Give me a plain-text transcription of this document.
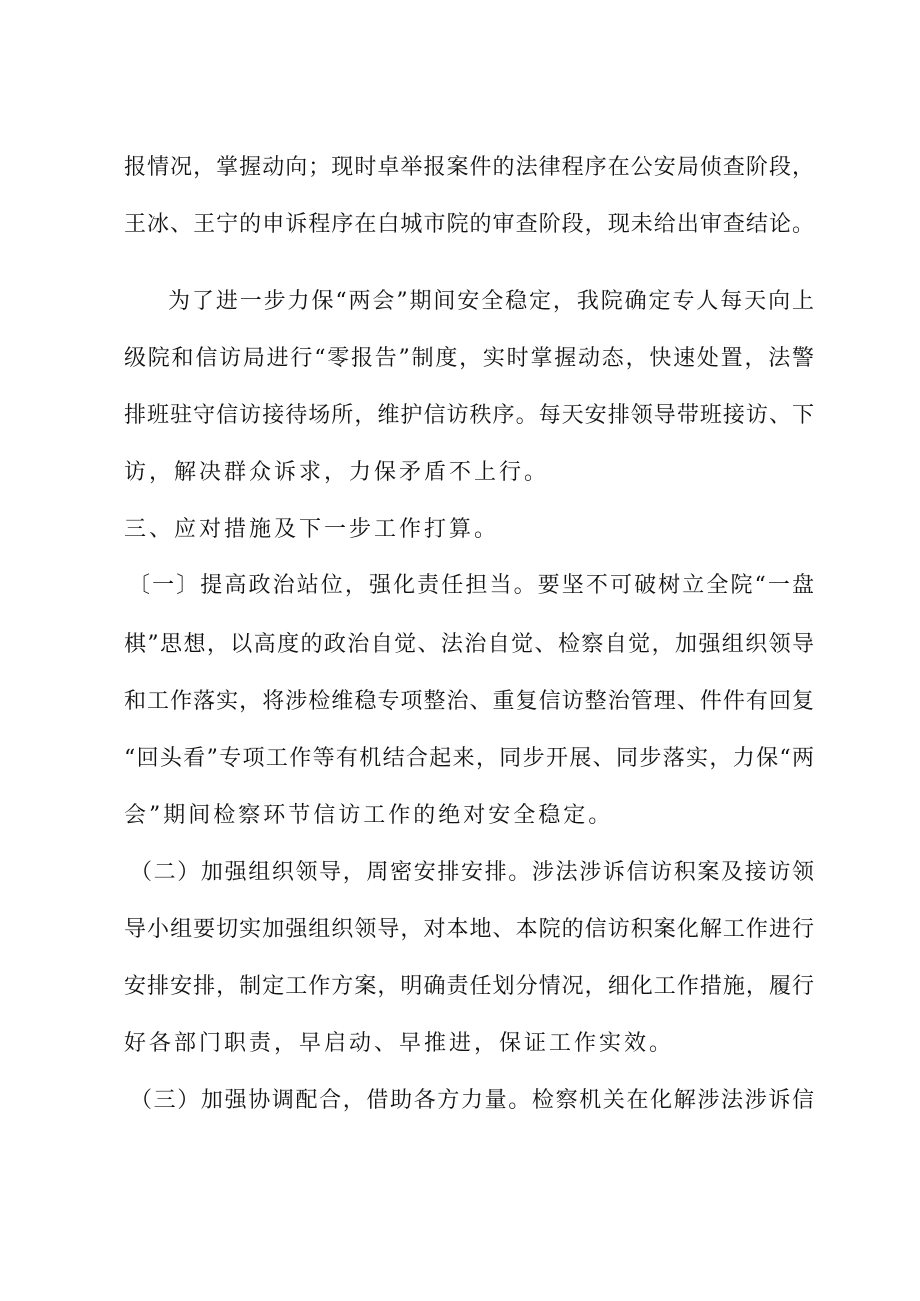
报情况，掌握动向；现时卓举报案件的法律程序在公安局侦查阶段，
王冰、王宁的申诉程序在白城市院的审查阶段，现未给出审查结论。
为了进一步力保“两会”期间安全稳定，我院确定专人每天向上
级院和信访局进行“零报告”制度，实时掌握动态，快速处置，法警
排班驻守信访接待场所，维护信访秩序。每天安排领导带班接访、下
访，解决群众诉求，力保矛盾不上行。
三、应对措施及下一步工作打算。
〔一〕提高政治站位，强化责任担当。要坚不可破树立全院“一盘
棋”思想，以高度的政治自觉、法治自觉、检察自觉，加强组织领导
和工作落实，将涉检维稳专项整治、重复信访整治管理、件件有回复
“回头看”专项工作等有机结合起来，同步开展、同步落实，力保“两
会”期间检察环节信访工作的绝对安全稳定。
（二）加强组织领导，周密安排安排。涉法涉诉信访积案及接访领
导小组要切实加强组织领导，对本地、本院的信访积案化解工作进行
安排安排，制定工作方案，明确责任划分情况，细化工作措施，履行
好各部门职责，早启动、早推进，保证工作实效。
（三）加强协调配合，借助各方力量。检察机关在化解涉法涉诉信
